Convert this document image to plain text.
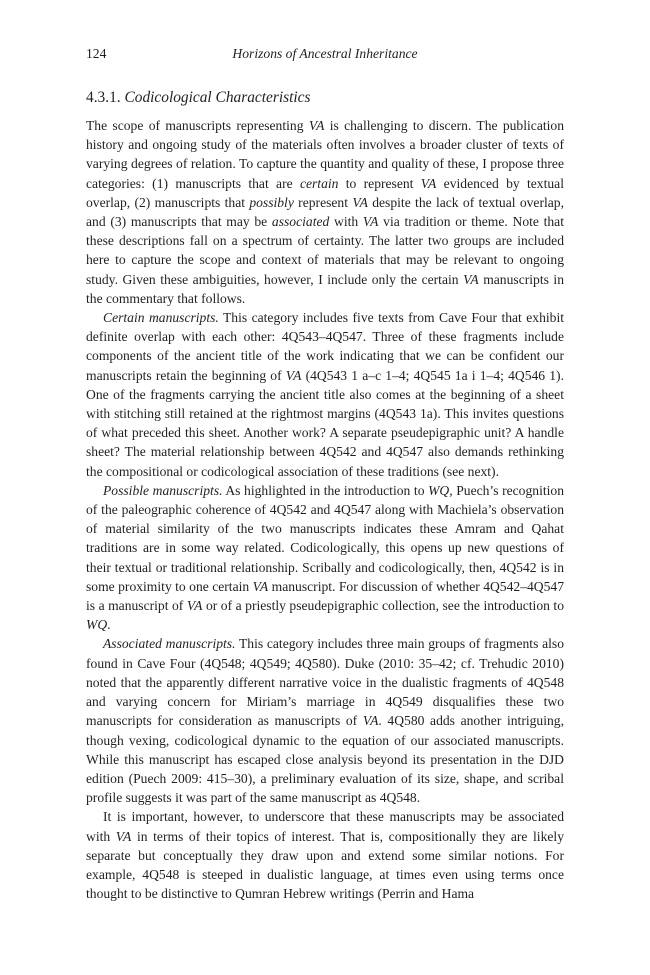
124	Horizons of Ancestral Inheritance
4.3.1. Codicological Characteristics

The scope of manuscripts representing VA is challenging to discern. The publication history and ongoing study of the materials often involves a broader cluster of texts of varying degrees of relation. To capture the quantity and quality of these, I propose three categories: (1) manuscripts that are certain to represent VA evidenced by textual overlap, (2) manuscripts that possibly represent VA despite the lack of textual overlap, and (3) manuscripts that may be associated with VA via tradition or theme. Note that these descriptions fall on a spectrum of certainty. The latter two groups are included here to capture the scope and context of materials that may be relevant to ongoing study. Given these ambiguities, however, I include only the certain VA manuscripts in the commentary that follows.

Certain manuscripts. This category includes five texts from Cave Four that exhibit definite overlap with each other: 4Q543–4Q547. Three of these fragments include components of the ancient title of the work indicating that we can be confident our manuscripts retain the beginning of VA (4Q543 1 a–c 1–4; 4Q545 1a i 1–4; 4Q546 1). One of the fragments carrying the ancient title also comes at the beginning of a sheet with stitching still retained at the rightmost margins (4Q543 1a). This invites questions of what preceded this sheet. Another work? A separate pseudepigraphic unit? A handle sheet? The material relationship between 4Q542 and 4Q547 also demands rethinking the compositional or codicological association of these traditions (see next).

Possible manuscripts. As highlighted in the introduction to WQ, Puech’s recognition of the paleographic coherence of 4Q542 and 4Q547 along with Machiela’s observation of material similarity of the two manuscripts indicates these Amram and Qahat traditions are in some way related. Codicologically, this opens up new questions of their textual or traditional relationship. Scribally and codicologically, then, 4Q542 is in some proximity to one certain VA manuscript. For discussion of whether 4Q542–4Q547 is a manuscript of VA or of a priestly pseudepigraphic collection, see the introduction to WQ.

Associated manuscripts. This category includes three main groups of fragments also found in Cave Four (4Q548; 4Q549; 4Q580). Duke (2010: 35–42; cf. Trehudic 2010) noted that the apparently different narrative voice in the dualistic fragments of 4Q548 and varying concern for Miriam’s marriage in 4Q549 disqualifies these two manuscripts for consideration as manuscripts of VA. 4Q580 adds another intriguing, though vexing, codicological dynamic to the equation of our associated manuscripts. While this manuscript has escaped close analysis beyond its presentation in the DJD edition (Puech 2009: 415–30), a preliminary evaluation of its size, shape, and scribal profile suggests it was part of the same manuscript as 4Q548.

It is important, however, to underscore that these manuscripts may be associated with VA in terms of their topics of interest. That is, compositionally they are likely separate but conceptually they draw upon and extend some similar notions. For example, 4Q548 is steeped in dualistic language, at times even using terms once thought to be distinctive to Qumran Hebrew writings (Perrin and Hama
